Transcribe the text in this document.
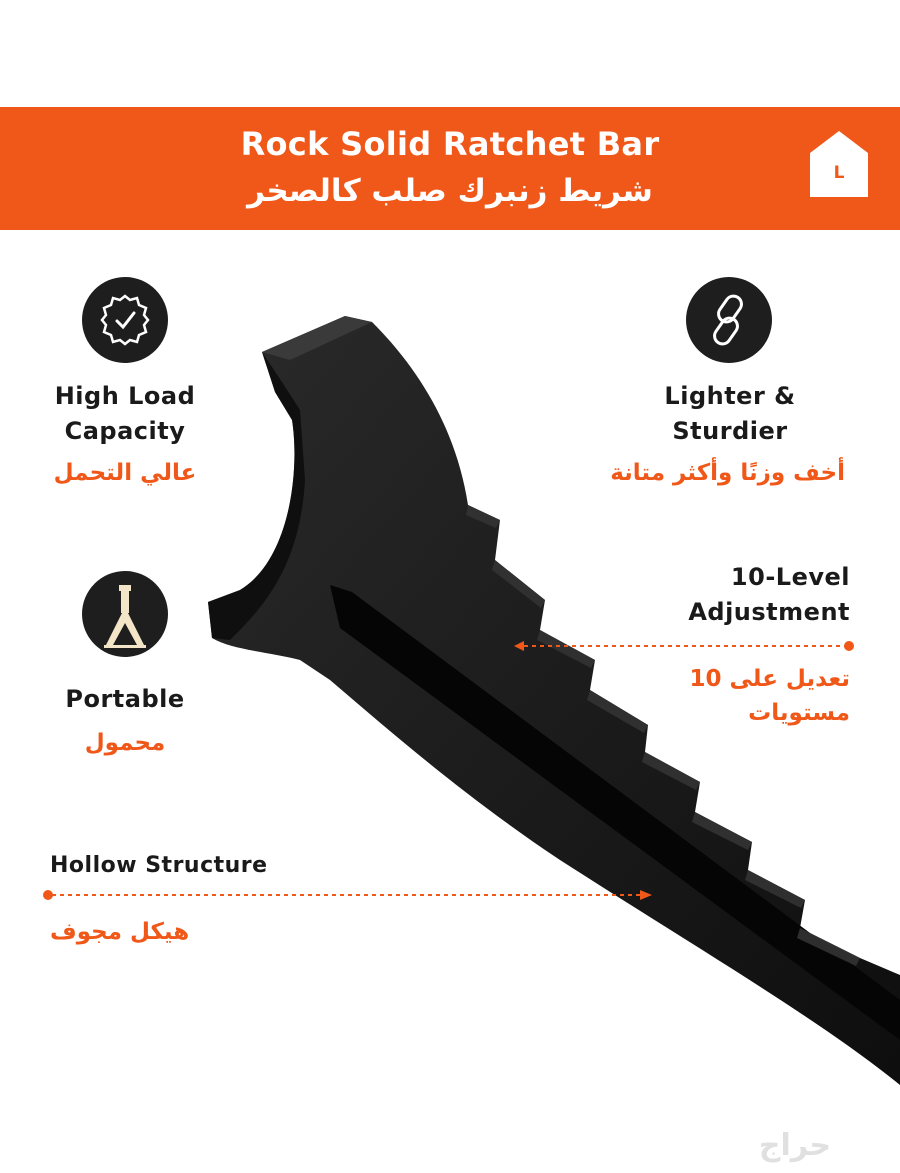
Rock Solid Ratchet Bar
شريط زنبرك صلب كالصخر	L
High Load
Capacity
عالي التحمل
Lighter &
Sturdier
أخف وزنًا وأكثر متانة
Portable
محمول
10-Level
Adjustment
تعديل على 10
مستويات
Hollow Structure
هيكل مجوف
حراج
